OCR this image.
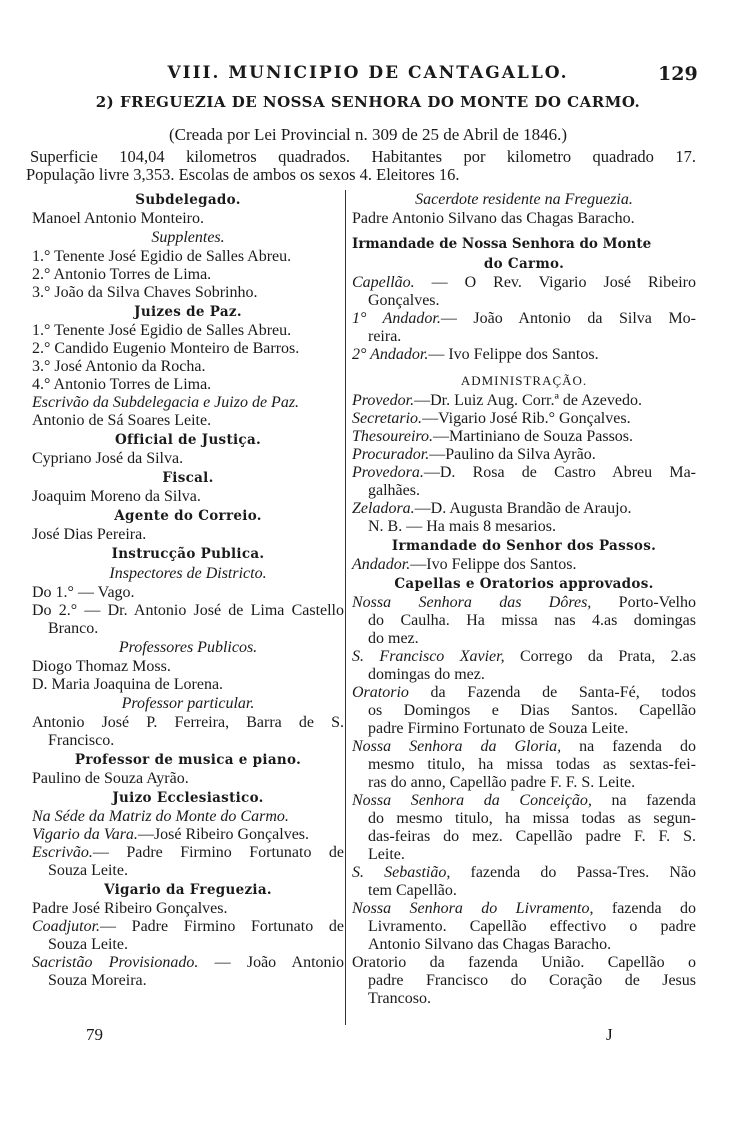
VIII. MUNICIPIO DE CANTAGALLO.	129
2) FREGUEZIA DE NOSSA SENHORA DO MONTE DO CARMO.
(Creada por Lei Provincial n. 309 de 25 de Abril de 1846.)
Superficie 104,04 kilometros quadrados. Habitantes por kilometro quadrado 17.
População livre 3,353. Escolas de ambos os sexos 4. Eleitores 16.
Subdelegado.
Manoel Antonio Monteiro.
Supplentes.
1.° Tenente José Egidio de Salles Abreu.
2.° Antonio Torres de Lima.
3.° João da Silva Chaves Sobrinho.
Juizes de Paz.
1.° Tenente José Egidio de Salles Abreu.
2.° Candido Eugenio Monteiro de Barros.
3.° José Antonio da Rocha.
4.° Antonio Torres de Lima.
Escrivão da Subdelegacia e Juizo de Paz.
Antonio de Sá Soares Leite.
Official de Justiça.
Cypriano José da Silva.
Fiscal.
Joaquim Moreno da Silva.
Agente do Correio.
José Dias Pereira.
Instrucção Publica.
Inspectores de Districto.
Do 1.° — Vago.
Do 2.° — Dr. Antonio José de Lima Castello
Branco.
Professores Publicos.
Diogo Thomaz Moss.
D. Maria Joaquina de Lorena.
Professor particular.
Antonio José P. Ferreira, Barra de S.
Francisco.
Professor de musica e piano.
Paulino de Souza Ayrão.
Juizo Ecclesiastico.
Na Séde da Matriz do Monte do Carmo.
Vigario da Vara.—José Ribeiro Gonçalves.
Escrivão.— Padre Firmino Fortunato de
Souza Leite.
Vigario da Freguezia.
Padre José Ribeiro Gonçalves.
Coadjutor.— Padre Firmino Fortunato de
Souza Leite.
Sacristão Provisionado. — João Antonio
Souza Moreira.
Sacerdote residente na Freguezia.
Padre Antonio Silvano das Chagas Baracho.
Irmandade de Nossa Senhora do Monte
do Carmo.
Capellão. — O Rev. Vigario José Ribeiro
Gonçalves.
1° Andador.— João Antonio da Silva Mo-
reira.
2° Andador.— Ivo Felippe dos Santos.
ADMINISTRAÇÃO.
Provedor.—Dr. Luiz Aug. Corr.ª de Azevedo.
Secretario.—Vigario José Rib.° Gonçalves.
Thesoureiro.—Martiniano de Souza Passos.
Procurador.—Paulino da Silva Ayrão.
Provedora.—D. Rosa de Castro Abreu Ma-
galhães.
Zeladora.—D. Augusta Brandão de Araujo.
N. B. — Ha mais 8 mesarios.
Irmandade do Senhor dos Passos.
Andador.—Ivo Felippe dos Santos.
Capellas e Oratorios approvados.
Nossa Senhora das Dôres, Porto-Velho
do Caulha. Ha missa nas 4.as domingas
do mez.
S. Francisco Xavier, Corrego da Prata, 2.as
domingas do mez.
Oratorio da Fazenda de Santa-Fé, todos
os Domingos e Dias Santos. Capellão
padre Firmino Fortunato de Souza Leite.
Nossa Senhora da Gloria, na fazenda do
mesmo titulo, ha missa todas as sextas-fei-
ras do anno, Capellão padre F. F. S. Leite.
Nossa Senhora da Conceição, na fazenda
do mesmo titulo, ha missa todas as segun-
das-feiras do mez. Capellão padre F. F. S.
Leite.
S. Sebastião, fazenda do Passa-Tres. Não
tem Capellão.
Nossa Senhora do Livramento, fazenda do
Livramento. Capellão effectivo o padre
Antonio Silvano das Chagas Baracho.
Oratorio da fazenda União. Capellão o
padre Francisco do Coração de Jesus
Trancoso.
79	J
